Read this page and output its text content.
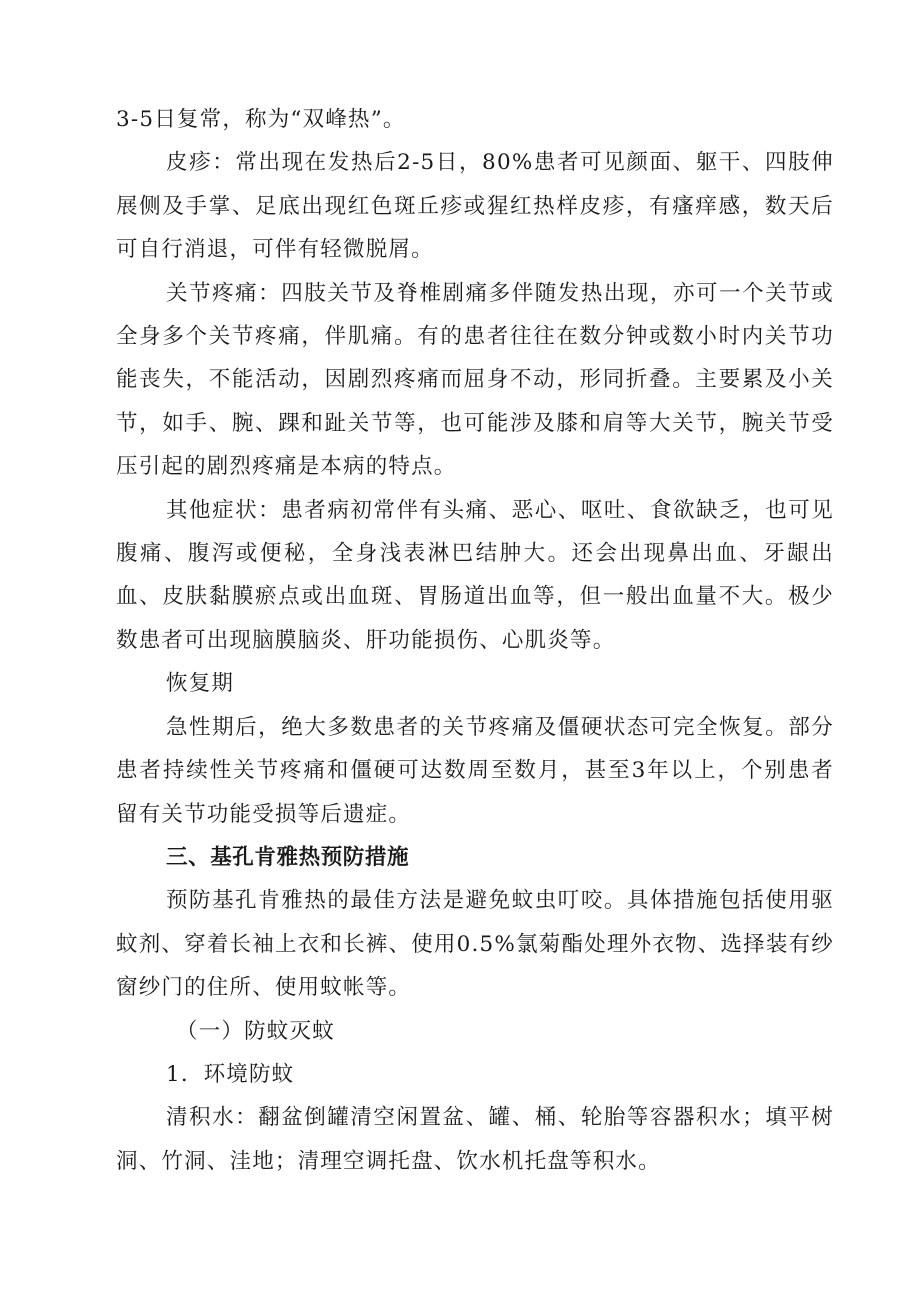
3-5日复常，称为“双峰热”。

皮疹：常出现在发热后2-5日，80%患者可见颜面、躯干、四肢伸展侧及手掌、足底出现红色斑丘疹或猩红热样皮疹，有瘙痒感，数天后可自行消退，可伴有轻微脱屑。

关节疼痛：四肢关节及脊椎剧痛多伴随发热出现，亦可一个关节或全身多个关节疼痛，伴肌痛。有的患者往往在数分钟或数小时内关节功能丧失，不能活动，因剧烈疼痛而屈身不动，形同折叠。主要累及小关节，如手、腕、踝和趾关节等，也可能涉及膝和肩等大关节，腕关节受压引起的剧烈疼痛是本病的特点。

其他症状：患者病初常伴有头痛、恶心、呕吐、食欲缺乏，也可见腹痛、腹泻或便秘，全身浅表淋巴结肿大。还会出现鼻出血、牙龈出血、皮肤黏膜瘀点或出血斑、胃肠道出血等，但一般出血量不大。极少数患者可出现脑膜脑炎、肝功能损伤、心肌炎等。

恢复期

急性期后，绝大多数患者的关节疼痛及僵硬状态可完全恢复。部分患者持续性关节疼痛和僵硬可达数周至数月，甚至3年以上，个别患者留有关节功能受损等后遗症。

三、基孔肯雅热预防措施

预防基孔肯雅热的最佳方法是避免蚊虫叮咬。具体措施包括使用驱蚊剂、穿着长袖上衣和长裤、使用0.5%氯菊酯处理外衣物、选择装有纱窗纱门的住所、使用蚊帐等。

（一）防蚊灭蚊

1．环境防蚊

清积水：翻盆倒罐清空闲置盆、罐、桶、轮胎等容器积水；填平树洞、竹洞、洼地；清理空调托盘、饮水机托盘等积水。
